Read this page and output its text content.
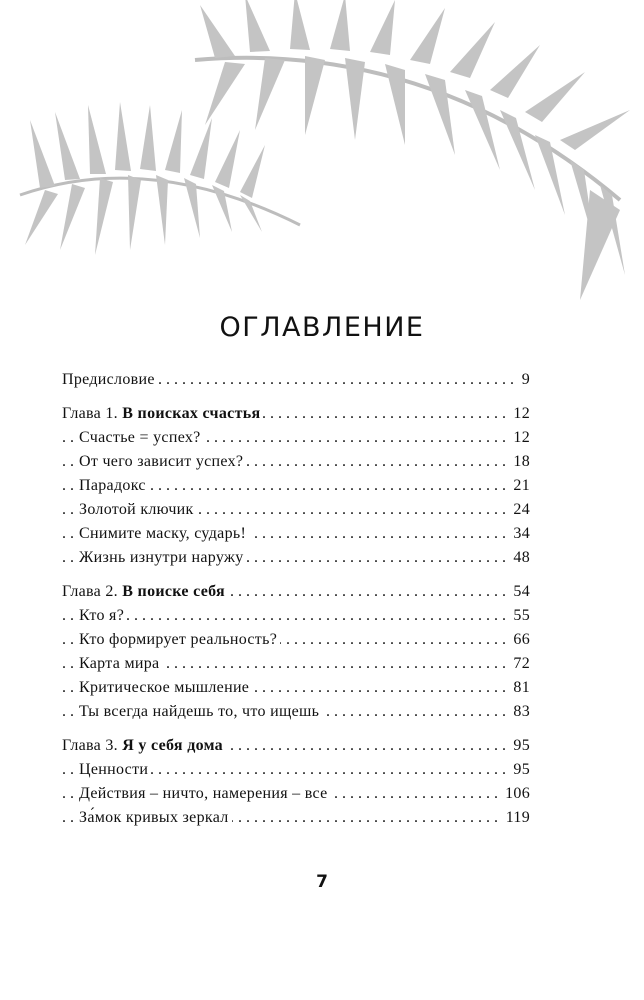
ОГЛАВЛЕНИЕ
. . . Предисловие	9
. . . Глава 1. В поисках счастья	12
. . . Счастье = успех?	12
. . . От чего зависит успех?	18
. . . Парадокс	21
. . . Золотой ключик	24
. . . Снимите маску, сударь!	34
. . . Жизнь изнутри наружу	48
. . . Глава 2. В поиске себя	54
. . . Кто я?	55
. . . Кто формирует реальность?	66
. . . Карта мира	72
. . . Критическое мышление	81
. . . Ты всегда найдешь то, что ищешь	83
. . . Глава 3. Я у себя дома	95
. . . Ценности	95
. . . Действия – ничто, намерения – все	106
. . . За́мок кривых зеркал	119
7
